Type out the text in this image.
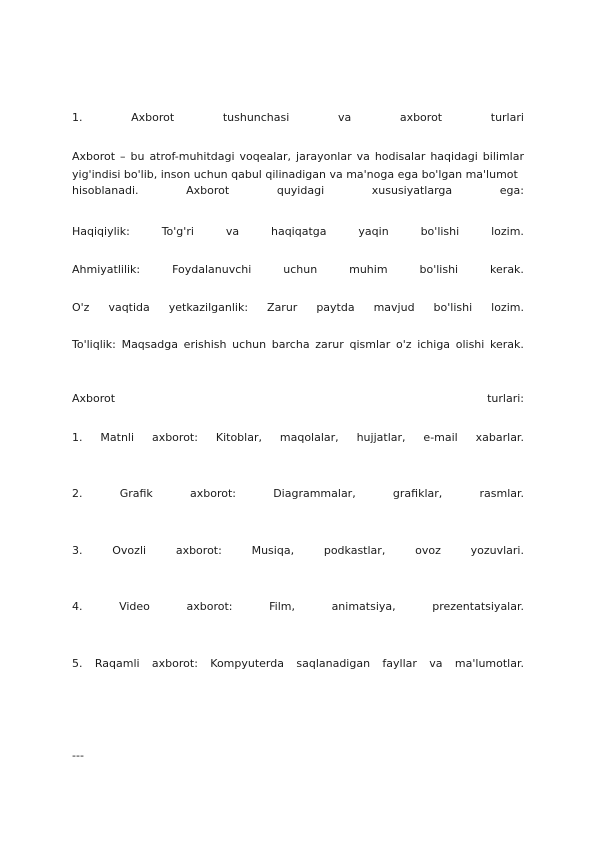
1.	Axborot	tushunchasi	va	axborot	turlari
Axborot – bu atrof-muhitdagi voqealar, jarayonlar va hodisalar haqidagi bilimlar yig'indisi bo'lib, inson uchun qabul qilinadigan va ma'noga ega bo'lgan ma'lumot
hisoblanadi.	Axborot	quyidagi	xususiyatlarga	ega:
Haqiqiylik:	To'g'ri	va	haqiqatga	yaqin	bo'lishi	lozim.
Ahmiyatlilik:	Foydalanuvchi	uchun	muhim	bo'lishi	kerak.
O'z vaqtida yetkazilganlik: Zarur paytda mavjud bo'lishi lozim.
To'liqlik: Maqsadga erishish uchun barcha zarur qismlar o'z ichiga olishi kerak.
Axborot	turlari:
1. Matnli axborot: Kitoblar, maqolalar, hujjatlar, e-mail xabarlar.
2.	Grafik	axborot:	Diagrammalar,	grafiklar,	rasmlar.
3.	Ovozli	axborot:	Musiqa,	podkastlar,	ovoz	yozuvlari.
4.	Video	axborot:	Film,	animatsiya,	prezentatsiyalar.
5. Raqamli axborot: Kompyuterda saqlanadigan fayllar va ma'lumotlar.
---
